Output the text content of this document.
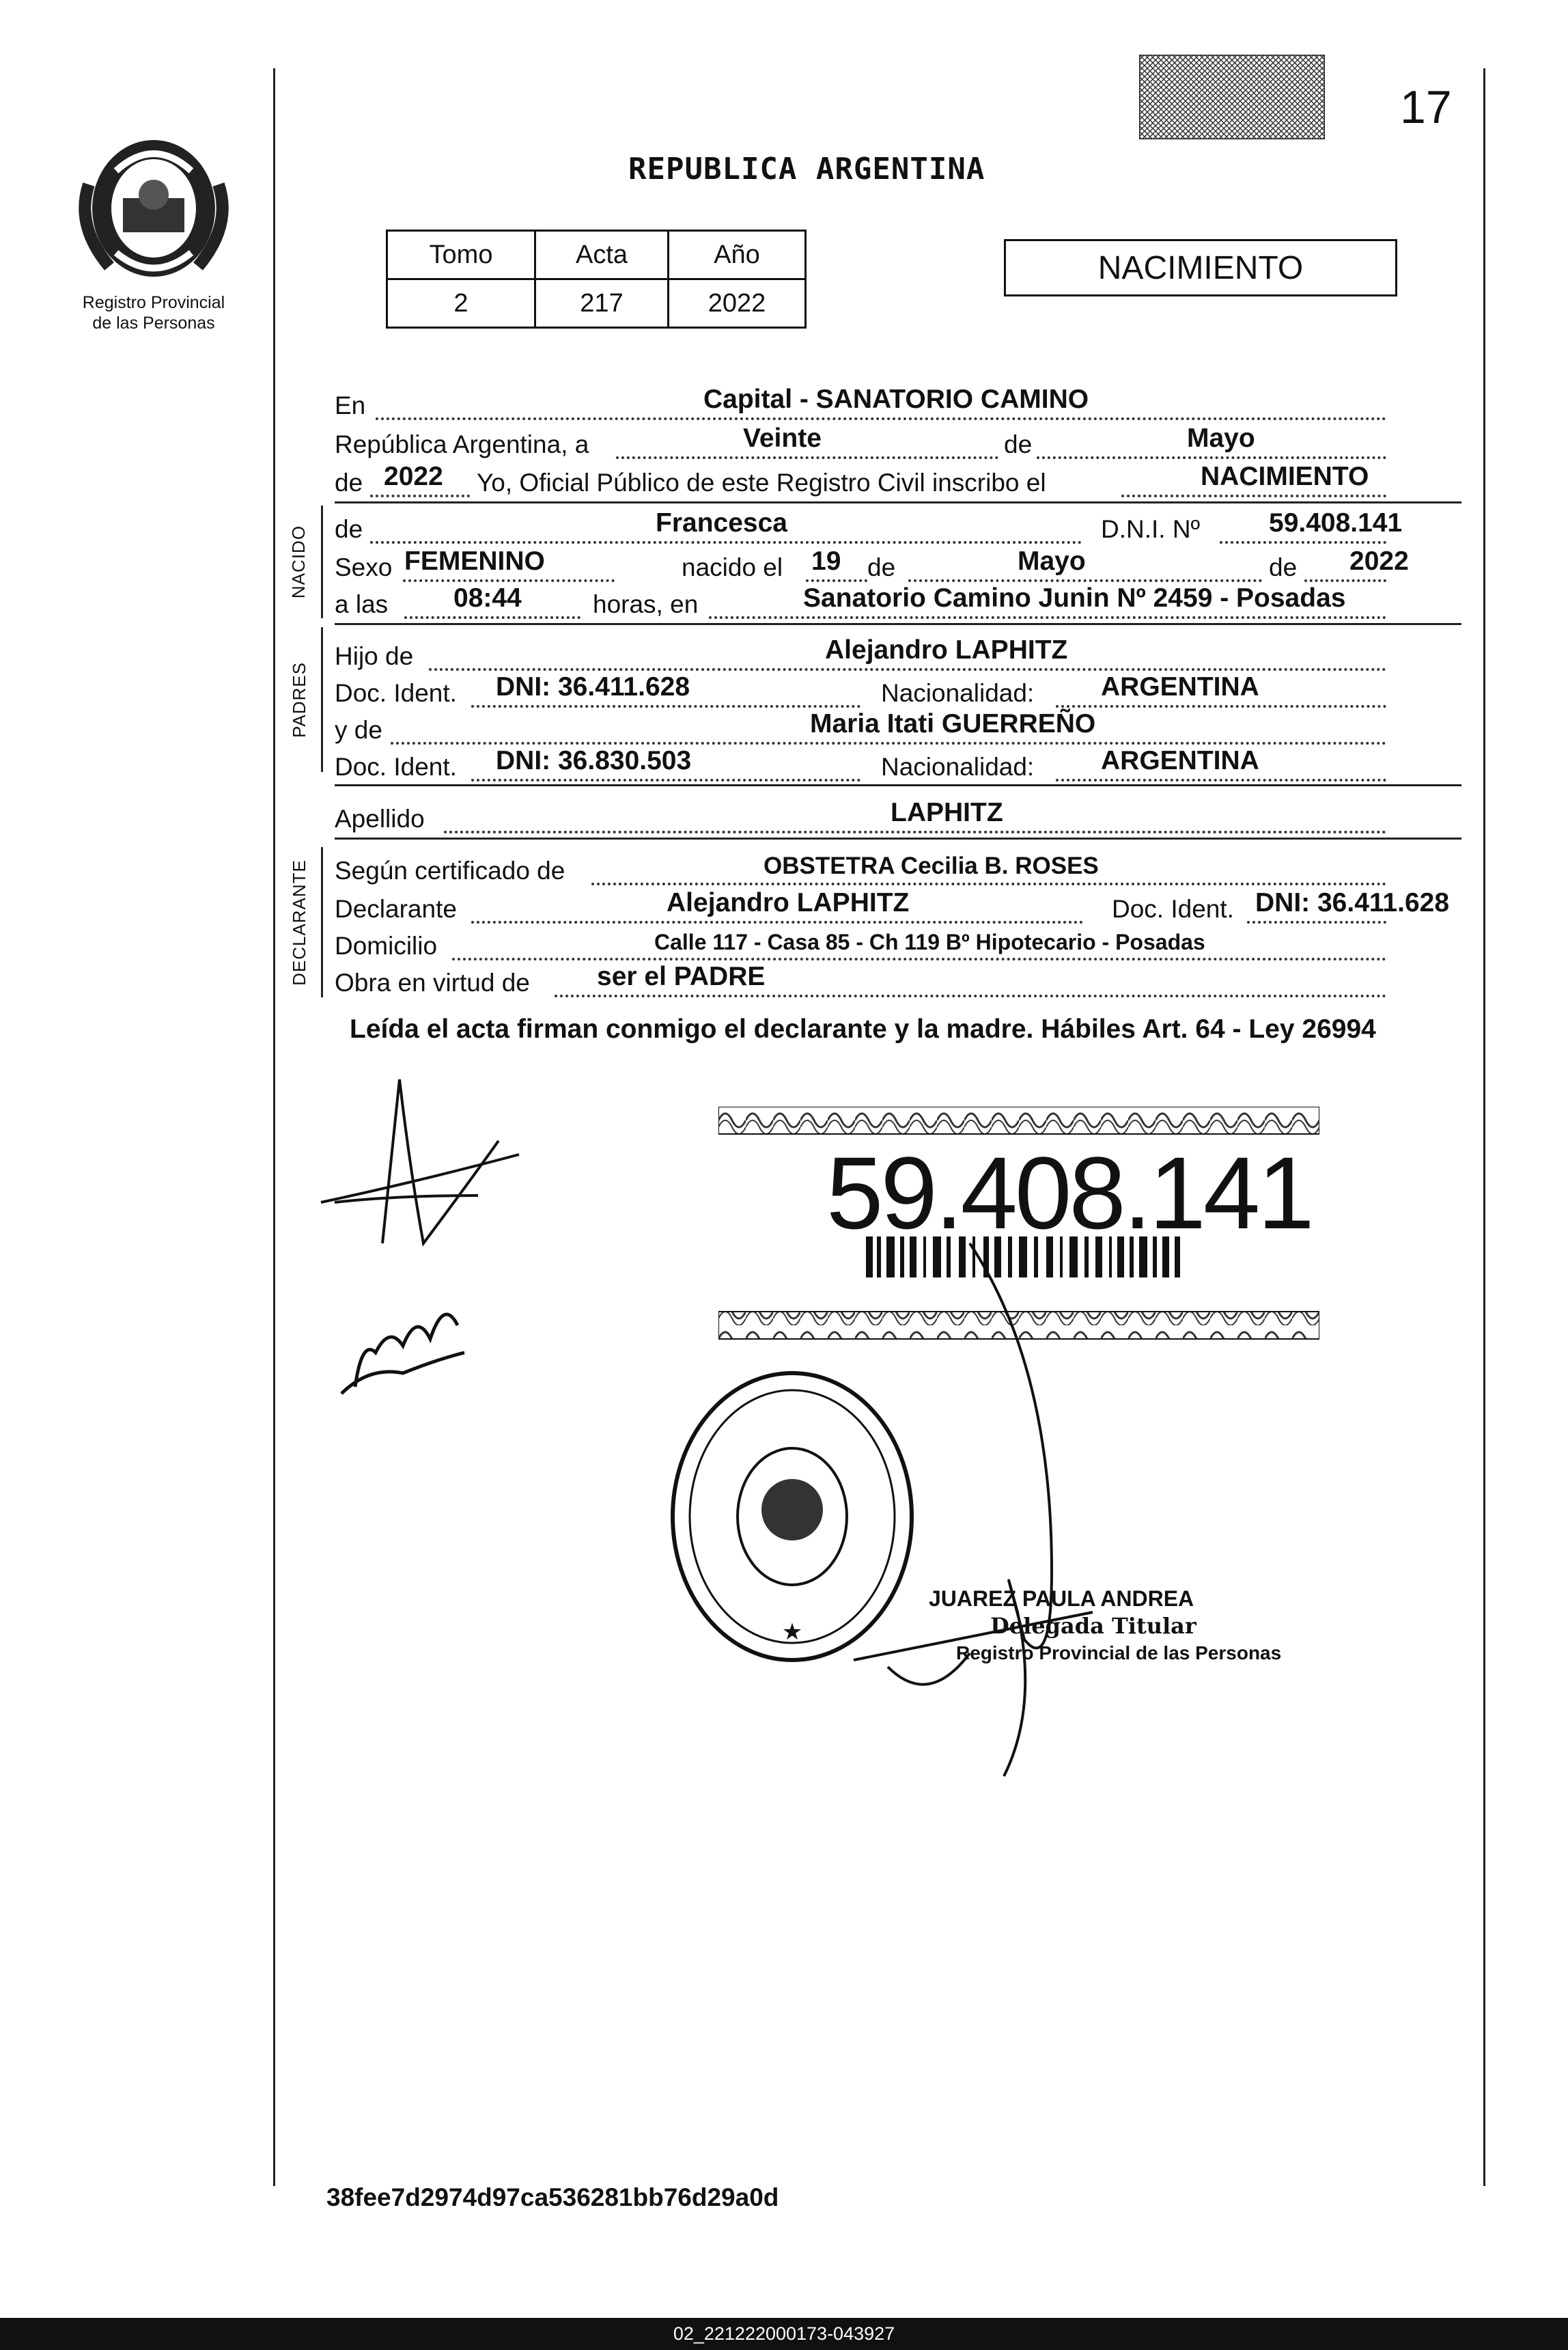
Registro Provincial
de las Personas
17
REPUBLICA ARGENTINA
Tomo	Acta	Año
2	217	2022
NACIMIENTO
En	Capital - SANATORIO CAMINO
República Argentina, a	Veinte	de	Mayo
de 2022 Yo, Oficial Público de este Registro Civil inscribo el	NACIMIENTO
NACIDO de	Francesca	D.N.I. Nº	59.408.141
Sexo FEMENINO	nacido el 19 de	Mayo	de 2022
a las 08:44	horas, en	Sanatorio Camino Junin Nº 2459 - Posadas
PADRES
Hijo de	Alejandro LAPHITZ
Doc. Ident. DNI: 36.411.628	Nacionalidad:	ARGENTINA
y de	Maria Itati GUERREÑO
Doc. Ident. DNI: 36.830.503	Nacionalidad:	ARGENTINA
Apellido	LAPHITZ
DECLARANTE Según certificado de	OBSTETRA Cecilia B. ROSES
Declarante	Alejandro LAPHITZ	Doc. Ident. DNI: 36.411.628
Domicilio	Calle 117 - Casa 85 - Ch 119 Bº Hipotecario - Posadas
Obra en virtud de	ser el PADRE
Leída el acta firman conmigo el declarante y la madre. Hábiles Art. 64 - Ley 26994
59.408.141
★
JUAREZ PAULA ANDREA
Delegada Titular
Registro Provincial de las Personas
38fee7d2974d97ca536281bb76d29a0d
02_221222000173-043927
